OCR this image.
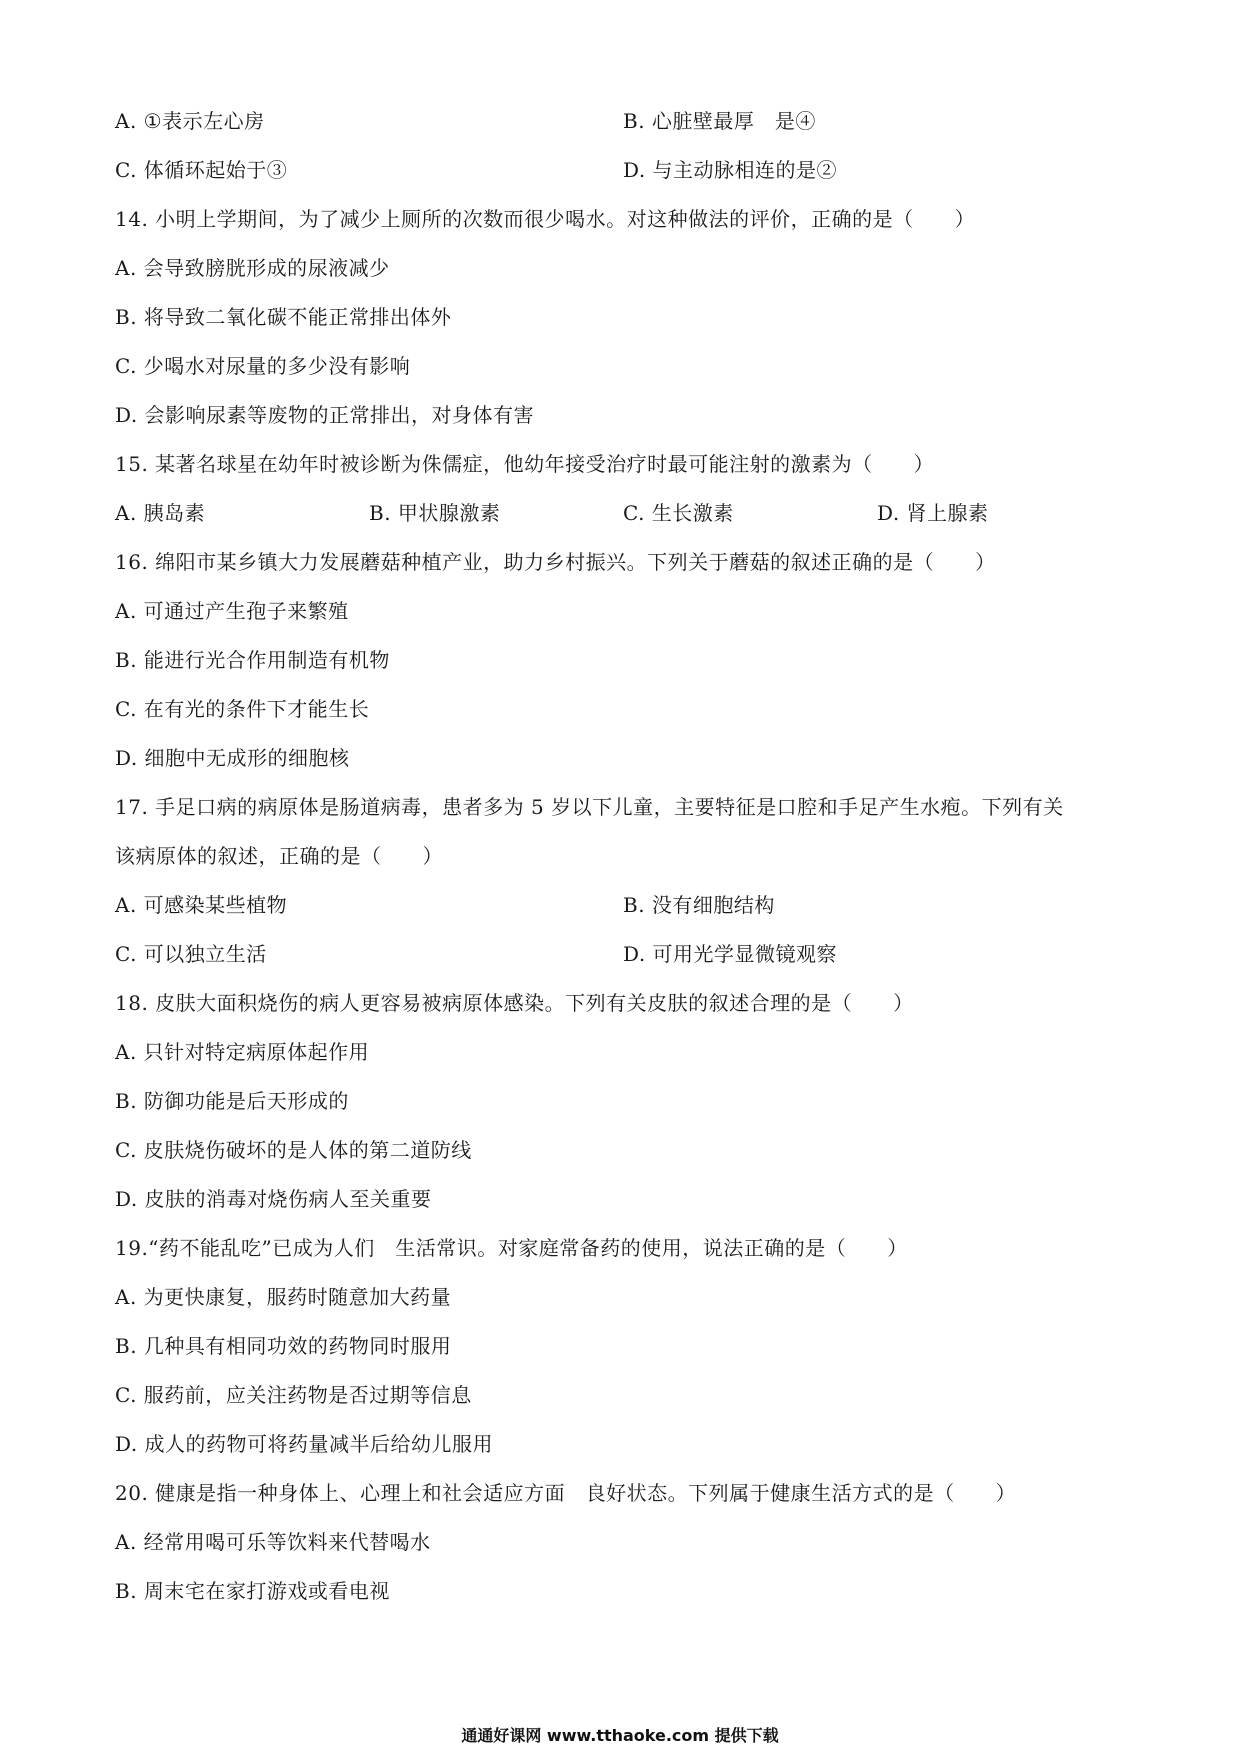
A. ①表示左心房	B. 心脏壁最厚　是④
C. 体循环起始于③	D. 与主动脉相连的是②
14. 小明上学期间，为了减少上厕所的次数而很少喝水。对这种做法的评价，正确的是（　　）
A. 会导致膀胱形成的尿液减少
B. 将导致二氧化碳不能正常排出体外
C. 少喝水对尿量的多少没有影响
D. 会影响尿素等废物的正常排出，对身体有害
15. 某著名球星在幼年时被诊断为侏儒症，他幼年接受治疗时最可能注射的激素为（　　）
A. 胰岛素	B. 甲状腺激素	C. 生长激素	D. 肾上腺素
16. 绵阳市某乡镇大力发展蘑菇种植产业，助力乡村振兴。下列关于蘑菇的叙述正确的是（　　）
A. 可通过产生孢子来繁殖
B. 能进行光合作用制造有机物
C. 在有光的条件下才能生长
D. 细胞中无成形的细胞核
17. 手足口病的病原体是肠道病毒，患者多为 5 岁以下儿童，主要特征是口腔和手足产生水疱。下列有关
该病原体的叙述，正确的是（　　）
A. 可感染某些植物	B. 没有细胞结构
C. 可以独立生活	D. 可用光学显微镜观察
18. 皮肤大面积烧伤的病人更容易被病原体感染。下列有关皮肤的叙述合理的是（　　）
A. 只针对特定病原体起作用
B. 防御功能是后天形成的
C. 皮肤烧伤破坏的是人体的第二道防线
D. 皮肤的消毒对烧伤病人至关重要
19.“药不能乱吃”已成为人们　生活常识。对家庭常备药的使用，说法正确的是（　　）
A. 为更快康复，服药时随意加大药量
B. 几种具有相同功效的药物同时服用
C. 服药前，应关注药物是否过期等信息
D. 成人的药物可将药量减半后给幼儿服用
20. 健康是指一种身体上、心理上和社会适应方面　良好状态。下列属于健康生活方式的是（　　）
A. 经常用喝可乐等饮料来代替喝水
B. 周末宅在家打游戏或看电视
通通好课网 www.tthaoke.com 提供下载
